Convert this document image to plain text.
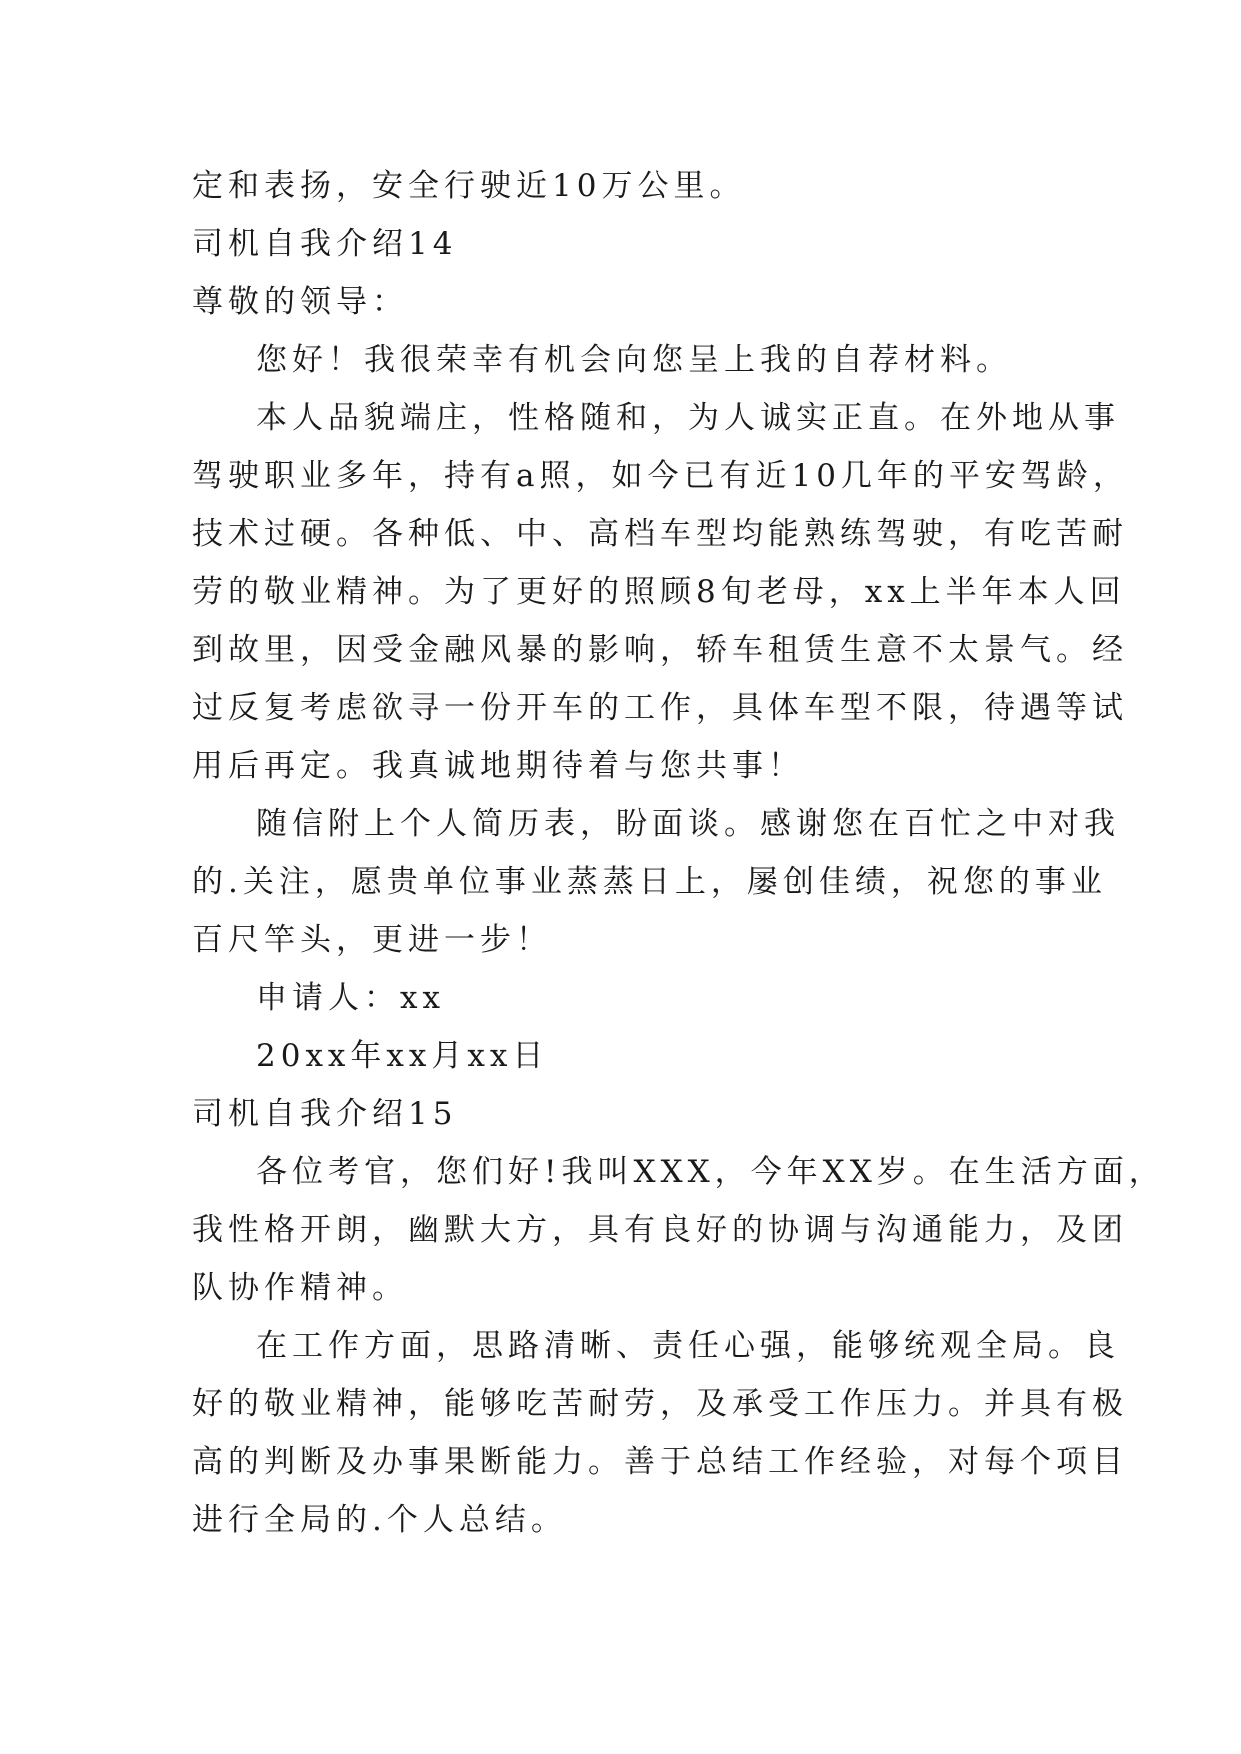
定和表扬，安全行驶近10万公里。
司机自我介绍14
尊敬的领导：
您好！我很荣幸有机会向您呈上我的自荐材料。
本人品貌端庄，性格随和，为人诚实正直。在外地从事
驾驶职业多年，持有a照，如今已有近10几年的平安驾龄，
技术过硬。各种低、中、高档车型均能熟练驾驶，有吃苦耐
劳的敬业精神。为了更好的照顾8旬老母，xx上半年本人回
到故里，因受金融风暴的影响，轿车租赁生意不太景气。经
过反复考虑欲寻一份开车的工作，具体车型不限，待遇等试
用后再定。我真诚地期待着与您共事！
随信附上个人简历表，盼面谈。感谢您在百忙之中对我
的.关注，愿贵单位事业蒸蒸日上，屡创佳绩，祝您的事业
百尺竿头，更进一步！
申请人：xx
20xx年xx月xx日
司机自我介绍15
各位考官，您们好!我叫XXX，今年XX岁。在生活方面，
我性格开朗，幽默大方，具有良好的协调与沟通能力，及团
队协作精神。
在工作方面，思路清晰、责任心强，能够统观全局。良
好的敬业精神，能够吃苦耐劳，及承受工作压力。并具有极
高的判断及办事果断能力。善于总结工作经验，对每个项目
进行全局的.个人总结。
